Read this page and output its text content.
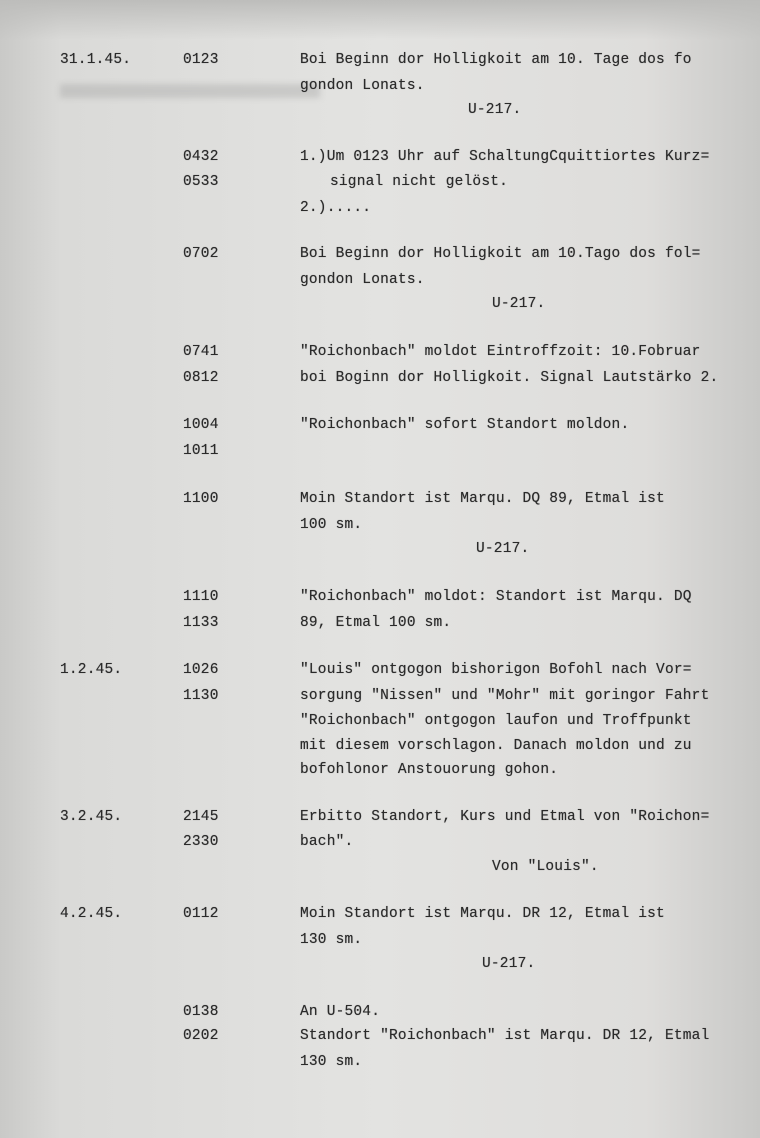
31.1.45.	0123	Boi Beginn dor Holligkoit am 10. Tage dos fo
gondon Lonats.
U-217.
0432	1.)Um 0123 Uhr auf SchaltungCquittiortes Kurz=
0533	signal nicht gelöst.
2.).....
0702	Boi Beginn dor Holligkoit am 10.Tago dos fol=
gondon Lonats.
U-217.
0741	"Roichonbach" moldot Eintroffzoit: 10.Fobruar
0812	boi Boginn dor Holligkoit. Signal Lautstärko 2.
1004	"Roichonbach" sofort Standort moldon.
1011
1100	Moin Standort ist Marqu. DQ 89, Etmal ist
100 sm.
U-217.
1110	"Roichonbach" moldot: Standort ist Marqu. DQ
1133	89, Etmal 100 sm.
1.2.45.	1026	"Louis" ontgogon bishorigon Bofohl nach Vor=
1130	sorgung "Nissen" und "Mohr" mit goringor Fahrt
"Roichonbach" ontgogon laufon und Troffpunkt
mit diesem vorschlagon. Danach moldon und zu
bofohlonor Anstouorung gohon.
3.2.45.	2145	Erbitto Standort, Kurs und Etmal von "Roichon=
2330	bach".
Von "Louis".
4.2.45.	0112	Moin Standort ist Marqu. DR 12, Etmal ist
130 sm.
U-217.
0138	An U-504.
0202	Standort "Roichonbach" ist Marqu. DR 12, Etmal
130 sm.
